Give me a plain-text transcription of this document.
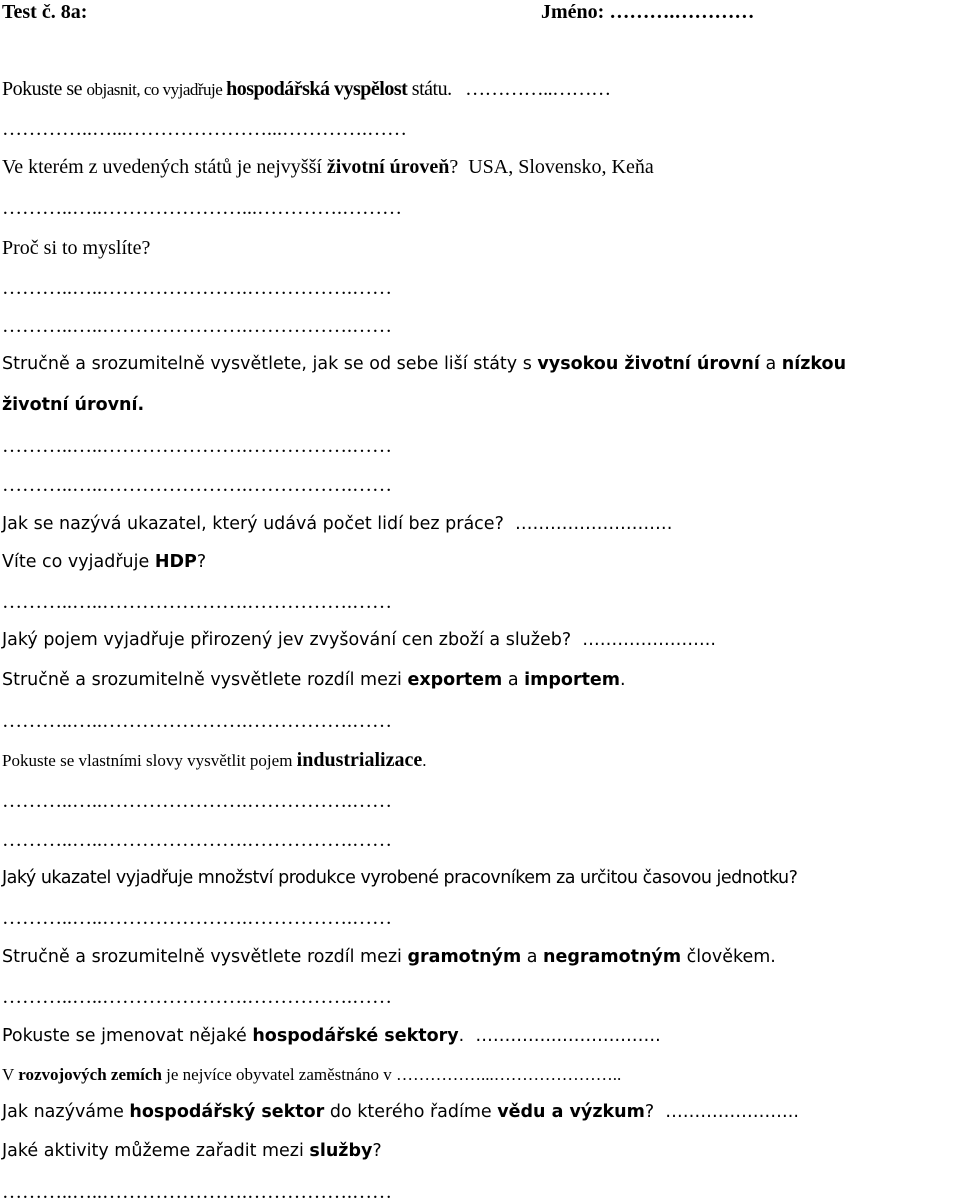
Test č. 8a:	Jméno: ……….…………
Pokuste se objasnit, co vyjadřuje hospodářská vyspělost státu.   …………..………
…………..…...…………………...………….……
Ve kterém z uvedených států je nejvyšší životní úroveň?  USA, Slovensko, Keňa
………..…..…………………...………….………
Proč si to myslíte?
………..…..………………….…………….……
………..…..………………….…………….……
Stručně a srozumitelně vysvětlete, jak se od sebe liší státy s vysokou životní úrovní a nízkou
životní úrovní.
………..…..………………….…………….……
………..…..………………….…………….……
Jak se nazývá ukazatel, který udává počet lidí bez práce?  ………………………
Víte co vyjadřuje HDP?
………..…..………………….…………….……
Jaký pojem vyjadřuje přirozený jev zvyšování cen zboží a služeb?  …………………..
Stručně a srozumitelně vysvětlete rozdíl mezi exportem a importem.
………..…..………………….…………….……
Pokuste se vlastními slovy vysvětlit pojem industrializace.
………..…..………………….…………….……
………..…..………………….…………….……
Jaký ukazatel vyjadřuje množství produkce vyrobené pracovníkem za určitou časovou jednotku?
………..…..………………….…………….……
Stručně a srozumitelně vysvětlete rozdíl mezi gramotným a negramotným člověkem.
………..…..………………….…………….……
Pokuste se jmenovat nějaké hospodářské sektory.  …………...……….…….
V rozvojových zemích je nejvíce obyvatel zaměstnáno v ……………...…………………..
Jak nazýváme hospodářský sektor do kterého řadíme vědu a výzkum?  …………………..
Jaké aktivity můžeme zařadit mezi služby?
………..…..………………….…………….……
